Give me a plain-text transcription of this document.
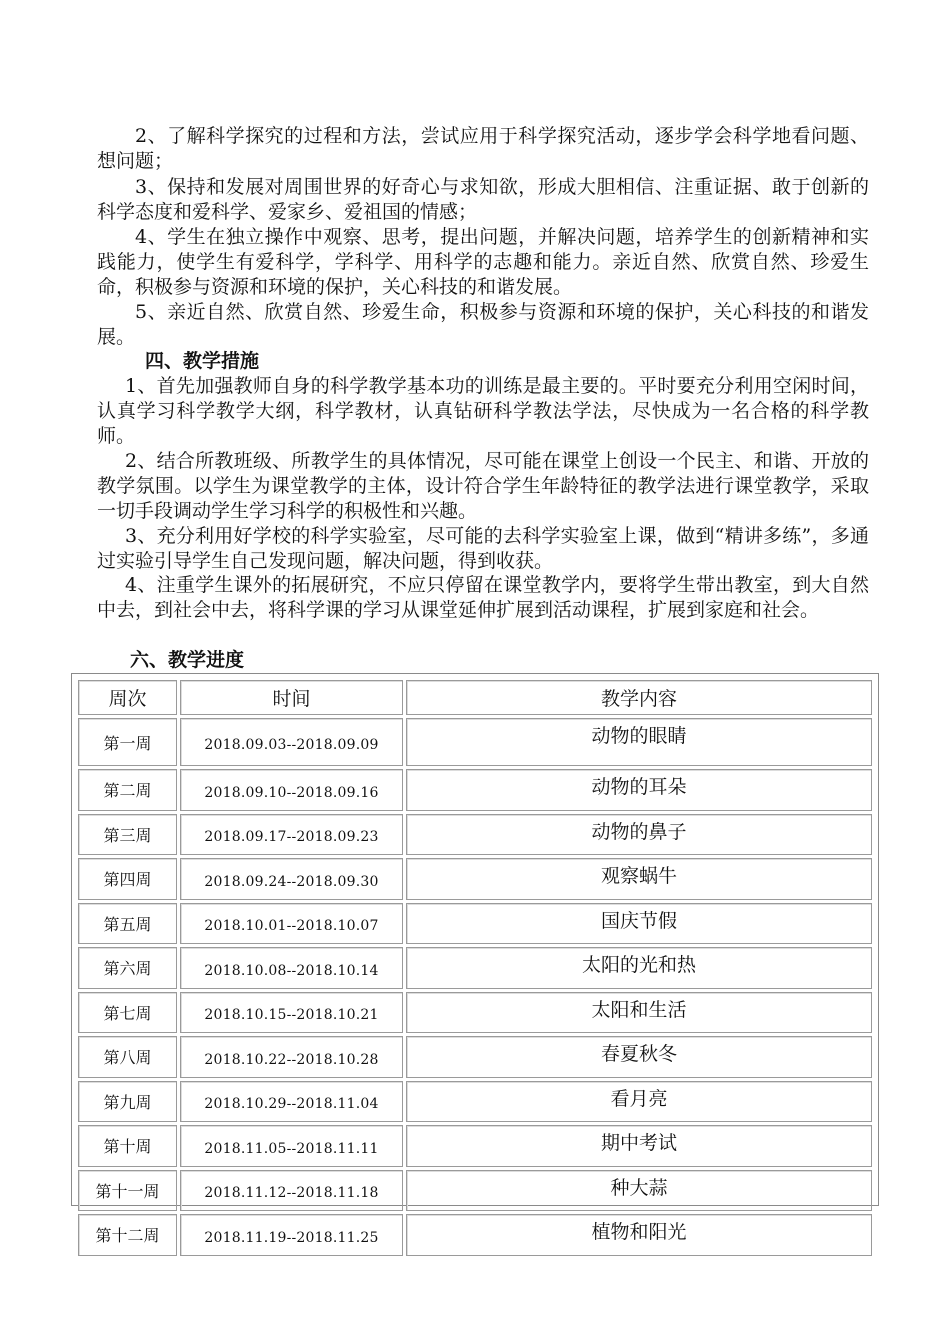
2、了解科学探究的过程和方法，尝试应用于科学探究活动，逐步学会科学地看问题、想问题；
3、保持和发展对周围世界的好奇心与求知欲，形成大胆相信、注重证据、敢于创新的科学态度和爱科学、爱家乡、爱祖国的情感；
4、学生在独立操作中观察、思考，提出问题，并解决问题，培养学生的创新精神和实践能力，使学生有爱科学，学科学、用科学的志趣和能力。亲近自然、欣赏自然、珍爱生命，积极参与资源和环境的保护，关心科技的和谐发展。
5、亲近自然、欣赏自然、珍爱生命，积极参与资源和环境的保护，关心科技的和谐发展。
四、教学措施
1、首先加强教师自身的科学教学基本功的训练是最主要的。平时要充分利用空闲时间，认真学习科学教学大纲，科学教材，认真钻研科学教法学法，尽快成为一名合格的科学教师。
2、结合所教班级、所教学生的具体情况，尽可能在课堂上创设一个民主、和谐、开放的教学氛围。以学生为课堂教学的主体，设计符合学生年龄特征的教学法进行课堂教学，采取一切手段调动学生学习科学的积极性和兴趣。
3、充分利用好学校的科学实验室，尽可能的去科学实验室上课，做到“精讲多练”，多通过实验引导学生自己发现问题，解决问题，得到收获。
4、注重学生课外的拓展研究，不应只停留在课堂教学内，要将学生带出教室，到大自然中去，到社会中去，将科学课的学习从课堂延伸扩展到活动课程，扩展到家庭和社会。
六、教学进度
周次	时间	教学内容
第一周	2018.09.03--2018.09.09	动物的眼睛
第二周	2018.09.10--2018.09.16	动物的耳朵
第三周	2018.09.17--2018.09.23	动物的鼻子
第四周	2018.09.24--2018.09.30	观察蜗牛
第五周	2018.10.01--2018.10.07	国庆节假
第六周	2018.10.08--2018.10.14	太阳的光和热
第七周	2018.10.15--2018.10.21	太阳和生活
第八周	2018.10.22--2018.10.28	春夏秋冬
第九周	2018.10.29--2018.11.04	看月亮
第十周	2018.11.05--2018.11.11	期中考试
第十一周	2018.11.12--2018.11.18	种大蒜
第十二周	2018.11.19--2018.11.25	植物和阳光
